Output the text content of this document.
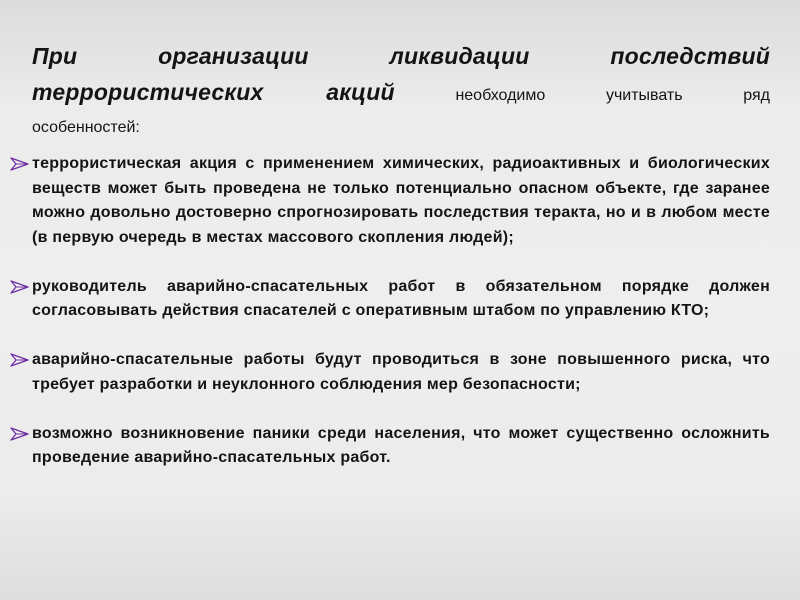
При организации ликвидации последствий
террористических акций	необходимо учитывать ряд
особенностей:
террористическая акция с применением химических, радиоактивных и биологических веществ может быть проведена не только потенциально опасном объекте, где заранее можно довольно достоверно спрогнозировать последствия теракта, но и в любом месте (в первую очередь в местах массового скопления людей);
руководитель аварийно-спасательных работ в обязательном порядке должен согласовывать действия спасателей с оперативным штабом по управлению КТО;
аварийно-спасательные работы будут проводиться в зоне повышенного риска, что требует разработки и неуклонного соблюдения мер безопасности;
возможно возникновение паники среди населения, что может существенно осложнить проведение аварийно-спасательных работ.
